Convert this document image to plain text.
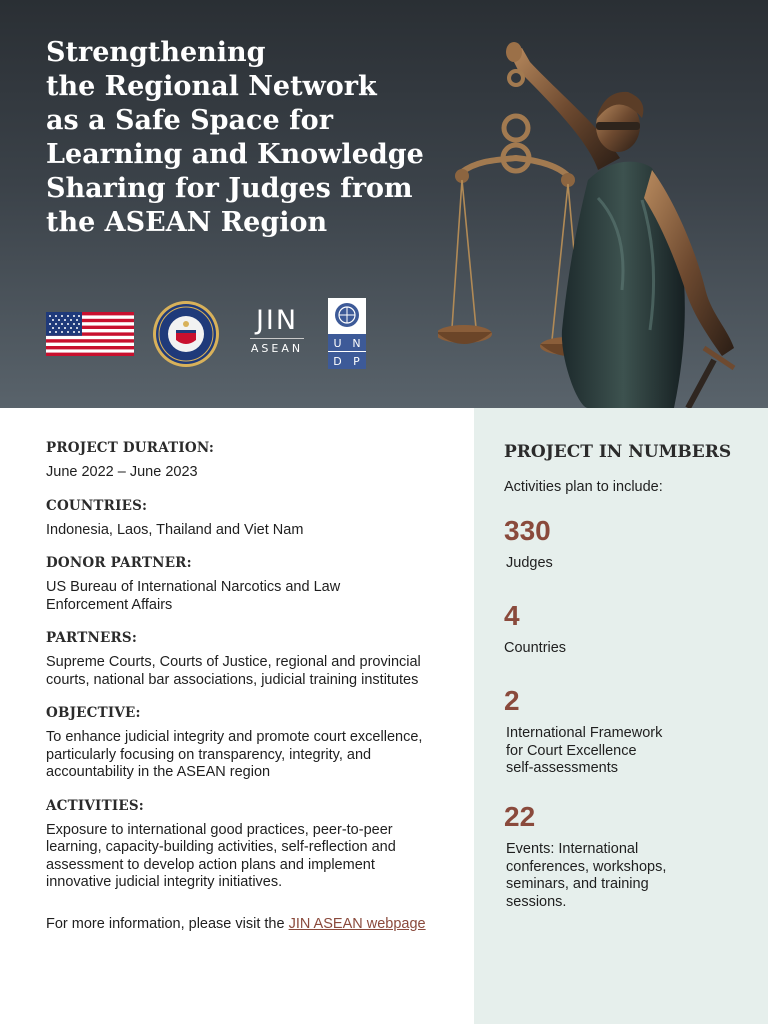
Strengthening
the Regional Network
as a Safe Space for
Learning and Knowledge
Sharing for Judges from
the ASEAN Region
JIN
ASEAN	U N
D P
PROJECT DURATION:
June 2022 – June 2023
COUNTRIES:
Indonesia, Laos, Thailand and Viet Nam
DONOR PARTNER:
US Bureau of International Narcotics and Law
Enforcement Affairs
PARTNERS:
Supreme Courts, Courts of Justice, regional and provincial
courts, national bar associations, judicial training institutes
OBJECTIVE:
To enhance judicial integrity and promote court excellence,
particularly focusing on transparency, integrity, and
accountability in the ASEAN region
ACTIVITIES:
Exposure to international good practices, peer-to-peer
learning, capacity-building activities, self-reflection and
assessment to develop action plans and implement
innovative judicial integrity initiatives.
For more information, please visit the JIN ASEAN webpage
PROJECT IN NUMBERS
Activities plan to include:
330
Judges
4
Countries
2
International Framework
for Court Excellence
self-assessments
22
Events: International
conferences, workshops,
seminars, and training
sessions.
